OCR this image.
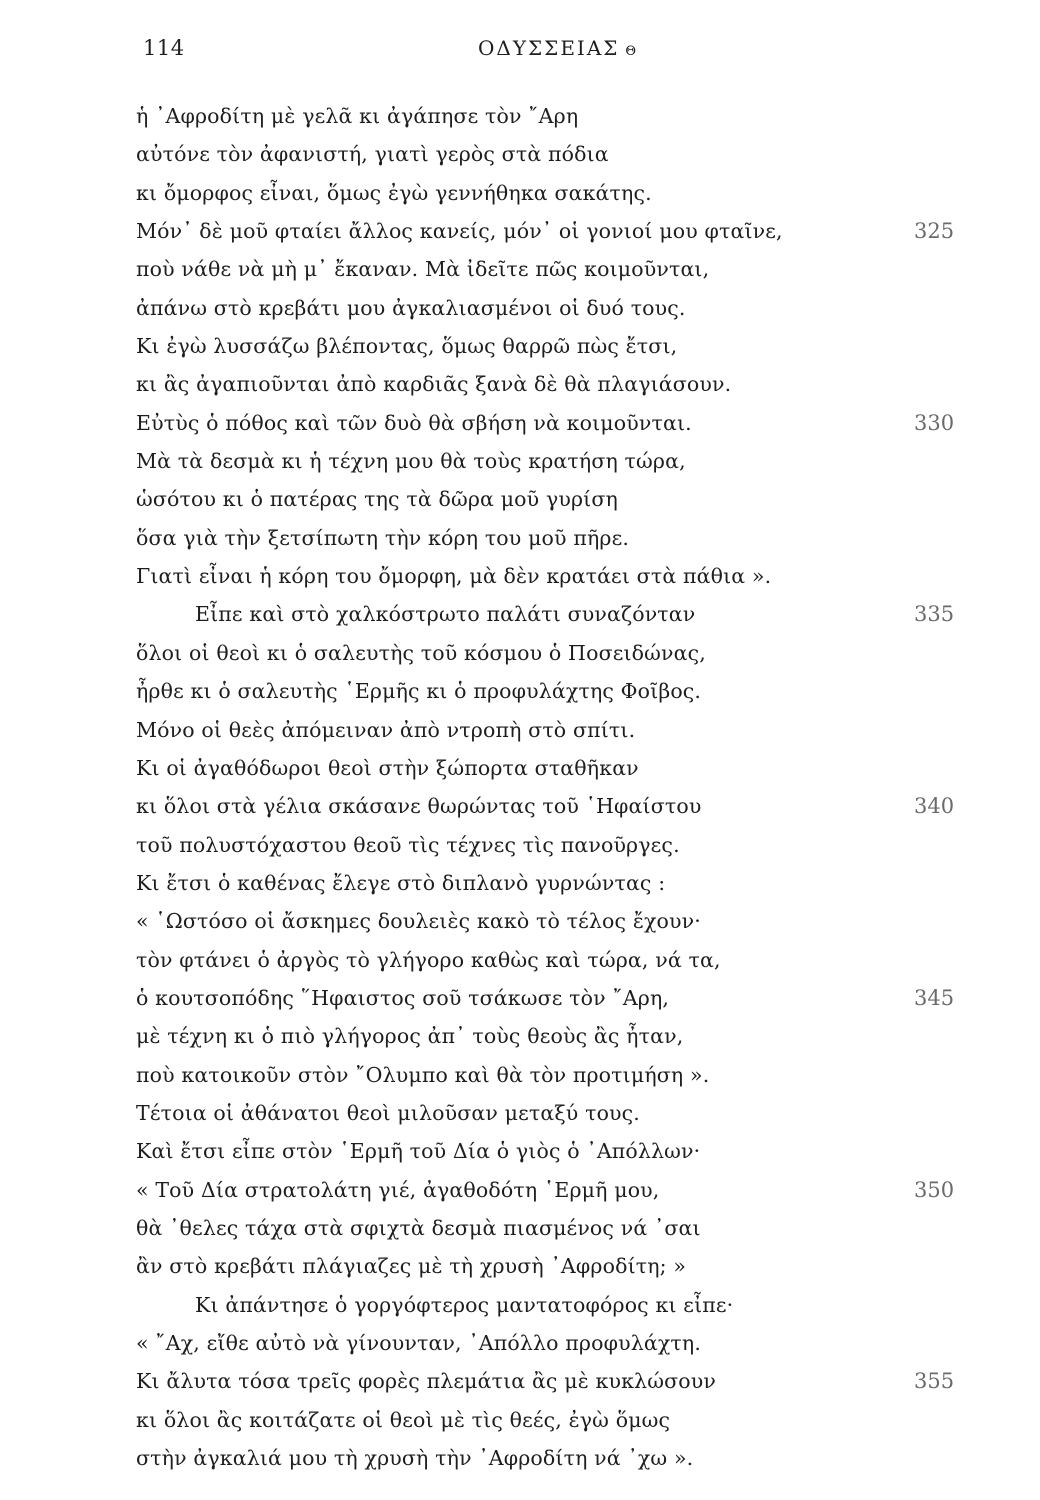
114	ΟΔΥΣΣΕΙΑΣ Θ
ἡ ᾿Αφροδίτη μὲ γελᾶ κι ἀγάπησε τὸν ῎Αρη
αὐτόνε τὸν ἀφανιστή, γιατὶ γερὸς στὰ πόδια
κι ὄμορφος εἶναι, ὅμως ἐγὼ γεννήθηκα σακάτης.
Μόν᾿ δὲ μοῦ φταίει ἄλλος κανείς, μόν᾿ οἱ γονιοί μου φταῖνε,	325
ποὺ νάθε νὰ μὴ μ᾿ ἔκαναν. Μὰ ἰδεῖτε πῶς κοιμοῦνται,
ἀπάνω στὸ κρεβάτι μου ἀγκαλιασμένοι οἱ δυό τους.
Κι ἐγὼ λυσσάζω βλέποντας, ὅμως θαρρῶ πὼς ἔτσι,
κι ἂς ἀγαπιοῦνται ἀπὸ καρδιᾶς ξανὰ δὲ θὰ πλαγιάσουν.
Εὐτὺς ὁ πόθος καὶ τῶν δυὸ θὰ σβήση νὰ κοιμοῦνται.	330
Μὰ τὰ δεσμὰ κι ἡ τέχνη μου θὰ τοὺς κρατήση τώρα,
ὡσότου κι ὁ πατέρας της τὰ δῶρα μοῦ γυρίση
ὅσα γιὰ τὴν ξετσίπωτη τὴν κόρη του μοῦ πῆρε.
Γιατὶ εἶναι ἡ κόρη του ὄμορφη, μὰ δὲν κρατάει στὰ πάθια ».
Εἶπε καὶ στὸ χαλκόστρωτο παλάτι συναζόνταν	335
ὅλοι οἱ θεοὶ κι ὁ σαλευτὴς τοῦ κόσμου ὁ Ποσειδώνας,
ἦρθε κι ὁ σαλευτὴς ῾Ερμῆς κι ὁ προφυλάχτης Φοῖβος.
Μόνο οἱ θεὲς ἀπόμειναν ἀπὸ ντροπὴ στὸ σπίτι.
Κι οἱ ἀγαθόδωροι θεοὶ στὴν ξώπορτα σταθῆκαν
κι ὅλοι στὰ γέλια σκάσανε θωρώντας τοῦ ῾Ηφαίστου	340
τοῦ πολυστόχαστου θεοῦ τὶς τέχνες τὶς πανοῦργες.
Κι ἔτσι ὁ καθένας ἔλεγε στὸ διπλανὸ γυρνώντας :
« ῾Ωστόσο οἱ ἄσκημες δουλειὲς κακὸ τὸ τέλος ἔχουν·
τὸν φτάνει ὁ ἀργὸς τὸ γλήγορο καθὼς καὶ τώρα, νά τα,
ὁ κουτσοπόδης ῞Ηφαιστος σοῦ τσάκωσε τὸν ῎Αρη,	345
μὲ τέχνη κι ὁ πιὸ γλήγορος ἀπ᾿ τοὺς θεοὺς ἂς ἦταν,
ποὺ κατοικοῦν στὸν ῎Ολυμπο καὶ θὰ τὸν προτιμήση ».
Τέτοια οἱ ἀθάνατοι θεοὶ μιλοῦσαν μεταξύ τους.
Καὶ ἔτσι εἶπε στὸν ῾Ερμῆ τοῦ Δία ὁ γιὸς ὁ ᾿Απόλλων·
« Τοῦ Δία στρατολάτη γιέ, ἀγαθοδότη ῾Ερμῆ μου,	350
θὰ ᾿θελες τάχα στὰ σφιχτὰ δεσμὰ πιασμένος νά ᾿σαι
ἂν στὸ κρεβάτι πλάγιαζες μὲ τὴ χρυσὴ ᾿Αφροδίτη; »
Κι ἀπάντησε ὁ γοργόφτερος μαντατοφόρος κι εἶπε·
« ῎Αχ, εἴθε αὐτὸ νὰ γίνουνταν, ᾿Απόλλο προφυλάχτη.
Κι ἄλυτα τόσα τρεῖς φορὲς πλεμάτια ἂς μὲ κυκλώσουν	355
κι ὅλοι ἂς κοιτάζατε οἱ θεοὶ μὲ τὶς θεές, ἐγὼ ὅμως
στὴν ἀγκαλιά μου τὴ χρυσὴ τὴν ᾿Αφροδίτη νά ᾿χω ».
